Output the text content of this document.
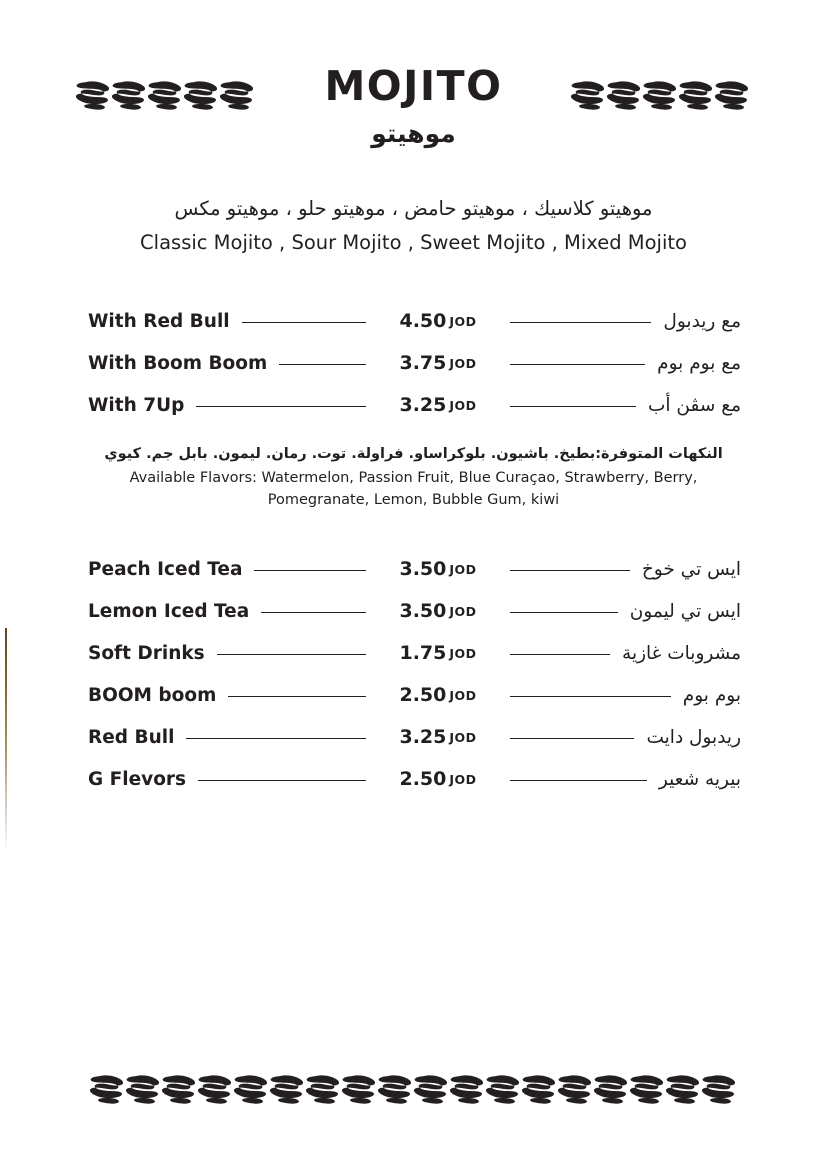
MOJITO
موهيتو
موهيتو كلاسيك ، موهيتو حامض ، موهيتو حلو ، موهيتو مكس
Classic Mojito , Sour Mojito , Sweet Mojito , Mixed Mojito
With Red Bull	4.50 JOD	مع ريدبول
With Boom Boom	3.75 JOD	مع بوم بوم
With 7Up	3.25 JOD	مع سڤن أب
النكهات المتوفرة:بطيخ. باشيون. بلوكراساو. فراولة. توت. رمان. ليمون. بابل جم. كيوي
Available Flavors: Watermelon, Passion Fruit, Blue Curaçao, Strawberry, Berry,
Pomegranate, Lemon, Bubble Gum, kiwi
Peach Iced Tea	3.50 JOD	ايس تي خوخ
Lemon Iced Tea	3.50 JOD	ايس تي ليمون
Soft Drinks	1.75 JOD	مشروبات غازية
BOOM boom	2.50 JOD	بوم بوم
Red Bull	3.25 JOD	ريدبول دايت
G Flevors	2.50 JOD	بيريه شعير
